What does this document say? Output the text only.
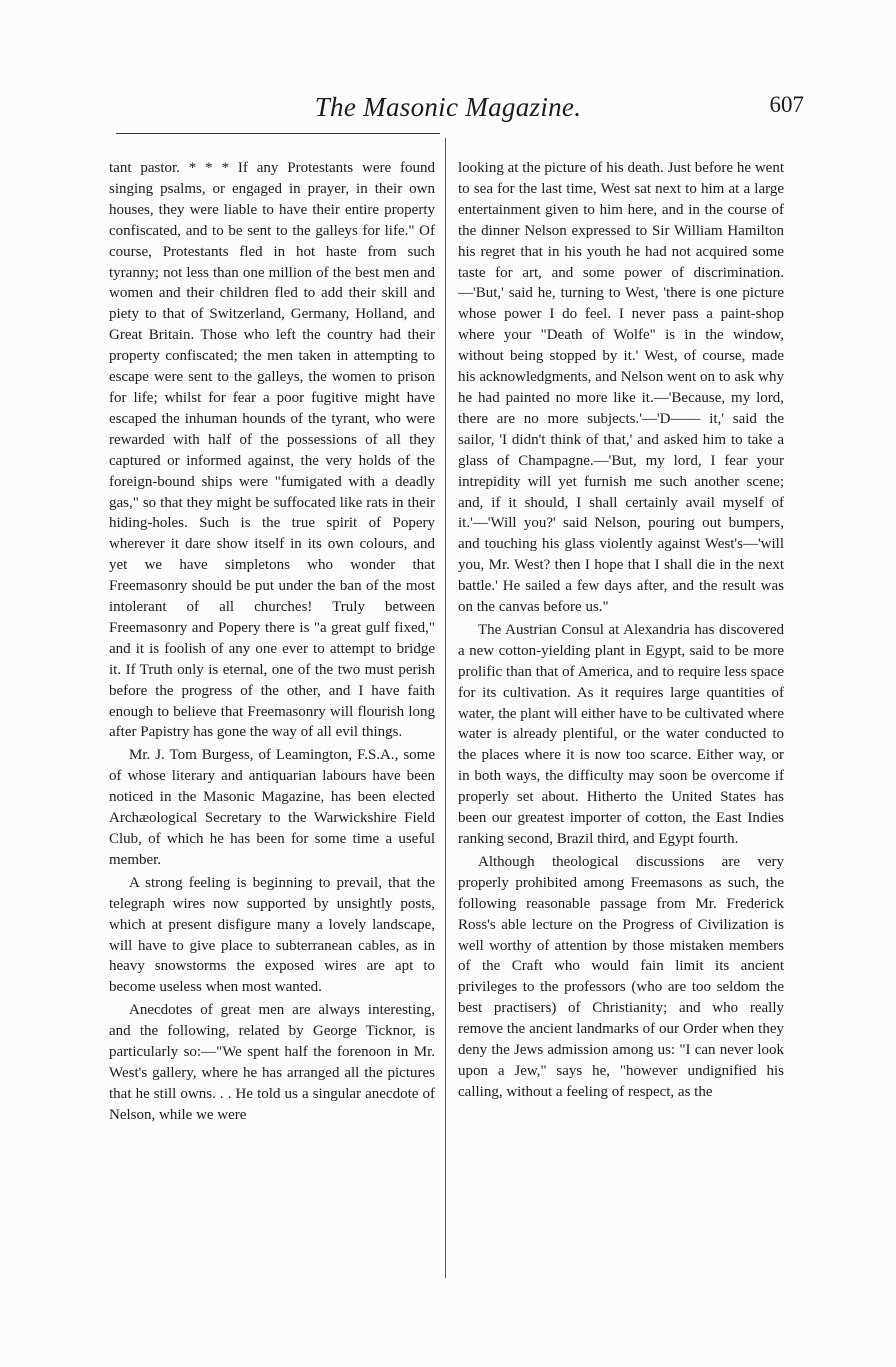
The Masonic Magazine.	607

tant pastor. * * * If any Protestants were found singing psalms, or engaged in prayer, in their own houses, they were liable to have their entire property confiscated, and to be sent to the galleys for life." Of course, Protestants fled in hot haste from such tyranny; not less than one million of the best men and women and their children fled to add their skill and piety to that of Switzerland, Germany, Holland, and Great Britain. Those who left the country had their property confiscated; the men taken in attempting to escape were sent to the galleys, the women to prison for life; whilst for fear a poor fugitive might have escaped the inhuman hounds of the tyrant, who were rewarded with half of the possessions of all they captured or informed against, the very holds of the foreign-bound ships were "fumigated with a deadly gas," so that they might be suffocated like rats in their hiding-holes. Such is the true spirit of Popery wherever it dare show itself in its own colours, and yet we have simpletons who wonder that Freemasonry should be put under the ban of the most intolerant of all churches! Truly between Freemasonry and Popery there is "a great gulf fixed," and it is foolish of any one ever to attempt to bridge it. If Truth only is eternal, one of the two must perish before the progress of the other, and I have faith enough to believe that Freemasonry will flourish long after Papistry has gone the way of all evil things.

Mr. J. Tom Burgess, of Leamington, F.S.A., some of whose literary and antiquarian labours have been noticed in the Masonic Magazine, has been elected Archæological Secretary to the Warwickshire Field Club, of which he has been for some time a useful member.

A strong feeling is beginning to prevail, that the telegraph wires now supported by unsightly posts, which at present disfigure many a lovely landscape, will have to give place to subterranean cables, as in heavy snowstorms the exposed wires are apt to become useless when most wanted.

Anecdotes of great men are always interesting, and the following, related by George Ticknor, is particularly so:—"We spent half the forenoon in Mr. West's gallery, where he has arranged all the pictures that he still owns. . . He told us a singular anecdote of Nelson, while we were

looking at the picture of his death. Just before he went to sea for the last time, West sat next to him at a large entertainment given to him here, and in the course of the dinner Nelson expressed to Sir William Hamilton his regret that in his youth he had not acquired some taste for art, and some power of discrimination.—'But,' said he, turning to West, 'there is one picture whose power I do feel. I never pass a paint-shop where your "Death of Wolfe" is in the window, without being stopped by it.' West, of course, made his acknowledgments, and Nelson went on to ask why he had painted no more like it.—'Because, my lord, there are no more subjects.'—'D—— it,' said the sailor, 'I didn't think of that,' and asked him to take a glass of Champagne.—'But, my lord, I fear your intrepidity will yet furnish me such another scene; and, if it should, I shall certainly avail myself of it.'—'Will you?' said Nelson, pouring out bumpers, and touching his glass violently against West's—'will you, Mr. West? then I hope that I shall die in the next battle.' He sailed a few days after, and the result was on the canvas before us."

The Austrian Consul at Alexandria has discovered a new cotton-yielding plant in Egypt, said to be more prolific than that of America, and to require less space for its cultivation. As it requires large quantities of water, the plant will either have to be cultivated where water is already plentiful, or the water conducted to the places where it is now too scarce. Either way, or in both ways, the difficulty may soon be overcome if properly set about. Hitherto the United States has been our greatest importer of cotton, the East Indies ranking second, Brazil third, and Egypt fourth.

Although theological discussions are very properly prohibited among Freemasons as such, the following reasonable passage from Mr. Frederick Ross's able lecture on the Progress of Civilization is well worthy of attention by those mistaken members of the Craft who would fain limit its ancient privileges to the professors (who are too seldom the best practisers) of Christianity; and who really remove the ancient landmarks of our Order when they deny the Jews admission among us: "I can never look upon a Jew," says he, "however undignified his calling, without a feeling of respect, as the
